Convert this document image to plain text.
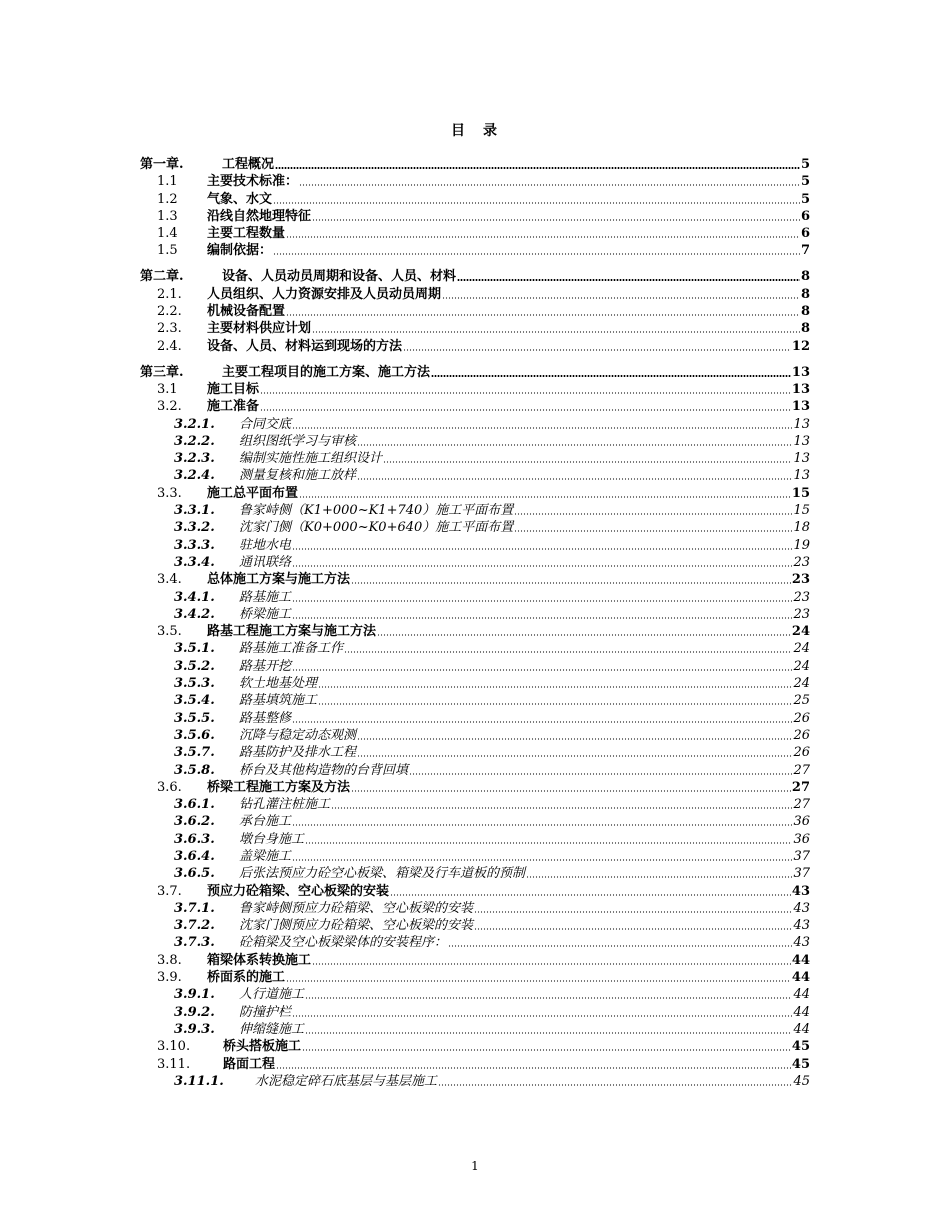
目　录
第一章.	工程概况	5
1.1	主要技术标准：	5
1.2	气象、水文	5
1.3	沿线自然地理特征	6
1.4	主要工程数量	6
1.5	编制依据：	7
第二章.	设备、人员动员周期和设备、人员、材料	8
2.1.	人员组织、人力资源安排及人员动员周期	8
2.2.	机械设备配置	8
2.3.	主要材料供应计划	8
2.4.	设备、人员、材料运到现场的方法	12
第三章.	主要工程项目的施工方案、施工方法	13
3.1	施工目标	13
3.2.	施工准备	13
3.2.1.	合同交底	13
3.2.2.	组织图纸学习与审核	13
3.2.3.	编制实施性施工组织设计	13
3.2.4.	测量复核和施工放样	13
3.3.	施工总平面布置	15
3.3.1.	鲁家峙侧（K1+000~K1+740）施工平面布置	15
3.3.2.	沈家门侧（K0+000~K0+640）施工平面布置	18
3.3.3.	驻地水电	19
3.3.4.	通讯联络	23
3.4.	总体施工方案与施工方法	23
3.4.1.	路基施工	23
3.4.2.	桥梁施工	23
3.5.	路基工程施工方案与施工方法	24
3.5.1.	路基施工准备工作	24
3.5.2.	路基开挖	24
3.5.3.	软土地基处理	24
3.5.4.	路基填筑施工	25
3.5.5.	路基整修	26
3.5.6.	沉降与稳定动态观测	26
3.5.7.	路基防护及排水工程	26
3.5.8.	桥台及其他构造物的台背回填	27
3.6.	桥梁工程施工方案及方法	27
3.6.1.	钻孔灌注桩施工	27
3.6.2.	承台施工	36
3.6.3.	墩台身施工	36
3.6.4.	盖梁施工	37
3.6.5.	后张法预应力砼空心板梁、箱梁及行车道板的预制	37
3.7.	预应力砼箱梁、空心板梁的安装	43
3.7.1.	鲁家峙侧预应力砼箱梁、空心板梁的安装	43
3.7.2.	沈家门侧预应力砼箱梁、空心板梁的安装	43
3.7.3.	砼箱梁及空心板梁梁体的安装程序：	43
3.8.	箱梁体系转换施工	44
3.9.	桥面系的施工	44
3.9.1.	人行道施工	44
3.9.2.	防撞护栏	44
3.9.3.	伸缩缝施工	44
3.10.	桥头搭板施工	45
3.11.	路面工程	45
3.11.1.	水泥稳定碎石底基层与基层施工	45
1
